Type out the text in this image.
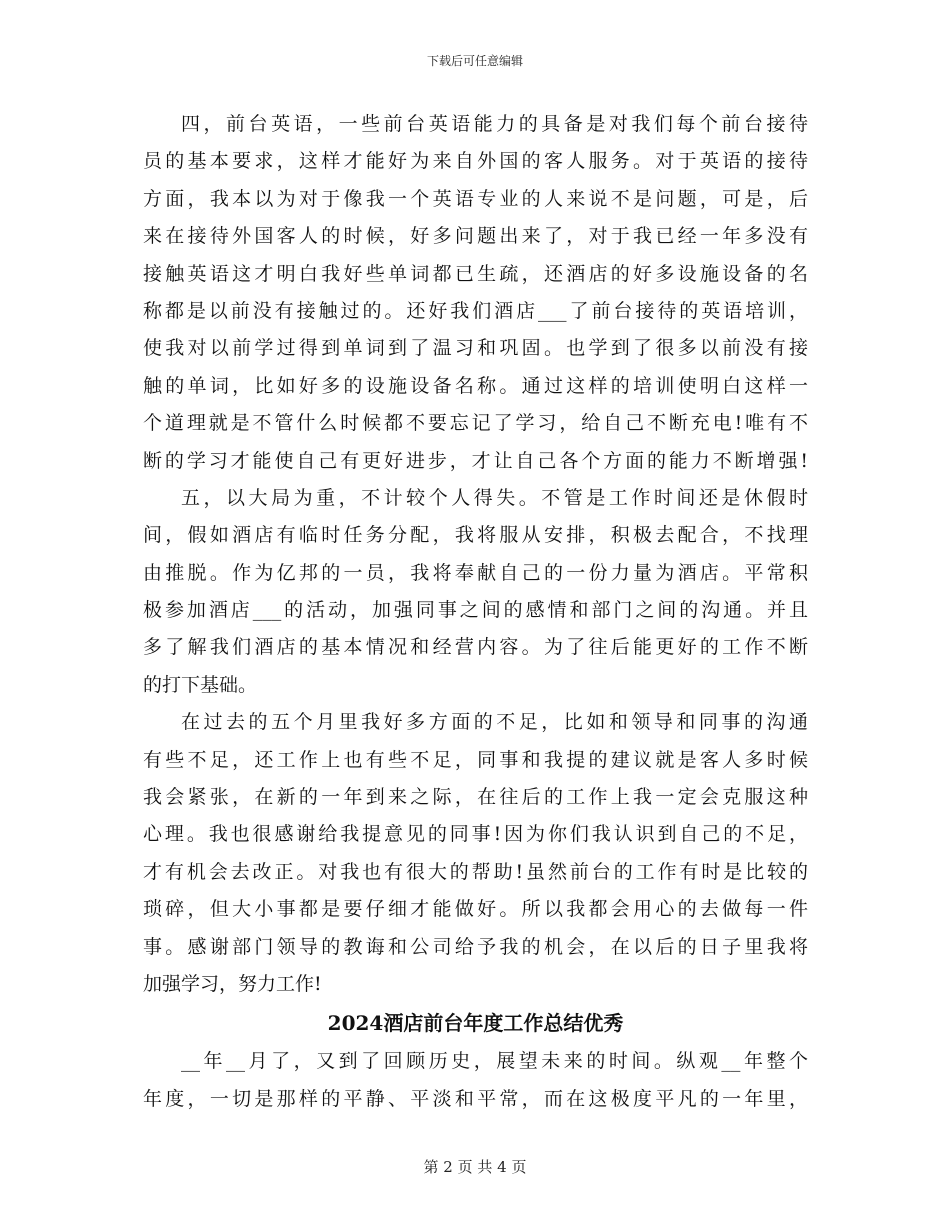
下载后可任意编辑
四，前台英语，一些前台英语能力的具备是对我们每个前台接待
员的基本要求，这样才能好为来自外国的客人服务。对于英语的接待
方面，我本以为对于像我一个英语专业的人来说不是问题，可是，后
来在接待外国客人的时候，好多问题出来了，对于我已经一年多没有
接触英语这才明白我好些单词都已生疏，还酒店的好多设施设备的名
称都是以前没有接触过的。还好我们酒店___了前台接待的英语培训，
使我对以前学过得到单词到了温习和巩固。也学到了很多以前没有接
触的单词，比如好多的设施设备名称。通过这样的培训使明白这样一
个道理就是不管什么时候都不要忘记了学习，给自己不断充电!唯有不
断的学习才能使自己有更好进步，才让自己各个方面的能力不断增强!
五，以大局为重，不计较个人得失。不管是工作时间还是休假时
间，假如酒店有临时任务分配，我将服从安排，积极去配合，不找理
由推脱。作为亿邦的一员，我将奉献自己的一份力量为酒店。平常积
极参加酒店___的活动，加强同事之间的感情和部门之间的沟通。并且
多了解我们酒店的基本情况和经营内容。为了往后能更好的工作不断
的打下基础。
在过去的五个月里我好多方面的不足，比如和领导和同事的沟通
有些不足，还工作上也有些不足，同事和我提的建议就是客人多时候
我会紧张，在新的一年到来之际，在往后的工作上我一定会克服这种
心理。我也很感谢给我提意见的同事!因为你们我认识到自己的不足，
才有机会去改正。对我也有很大的帮助!虽然前台的工作有时是比较的
琐碎，但大小事都是要仔细才能做好。所以我都会用心的去做每一件
事。感谢部门领导的教诲和公司给予我的机会，在以后的日子里我将
加强学习，努力工作!
2024酒店前台年度工作总结优秀
__年__月了，又到了回顾历史，展望未来的时间。纵观__年整个
年度，一切是那样的平静、平淡和平常，而在这极度平凡的一年里，
第 2 页 共 4 页
